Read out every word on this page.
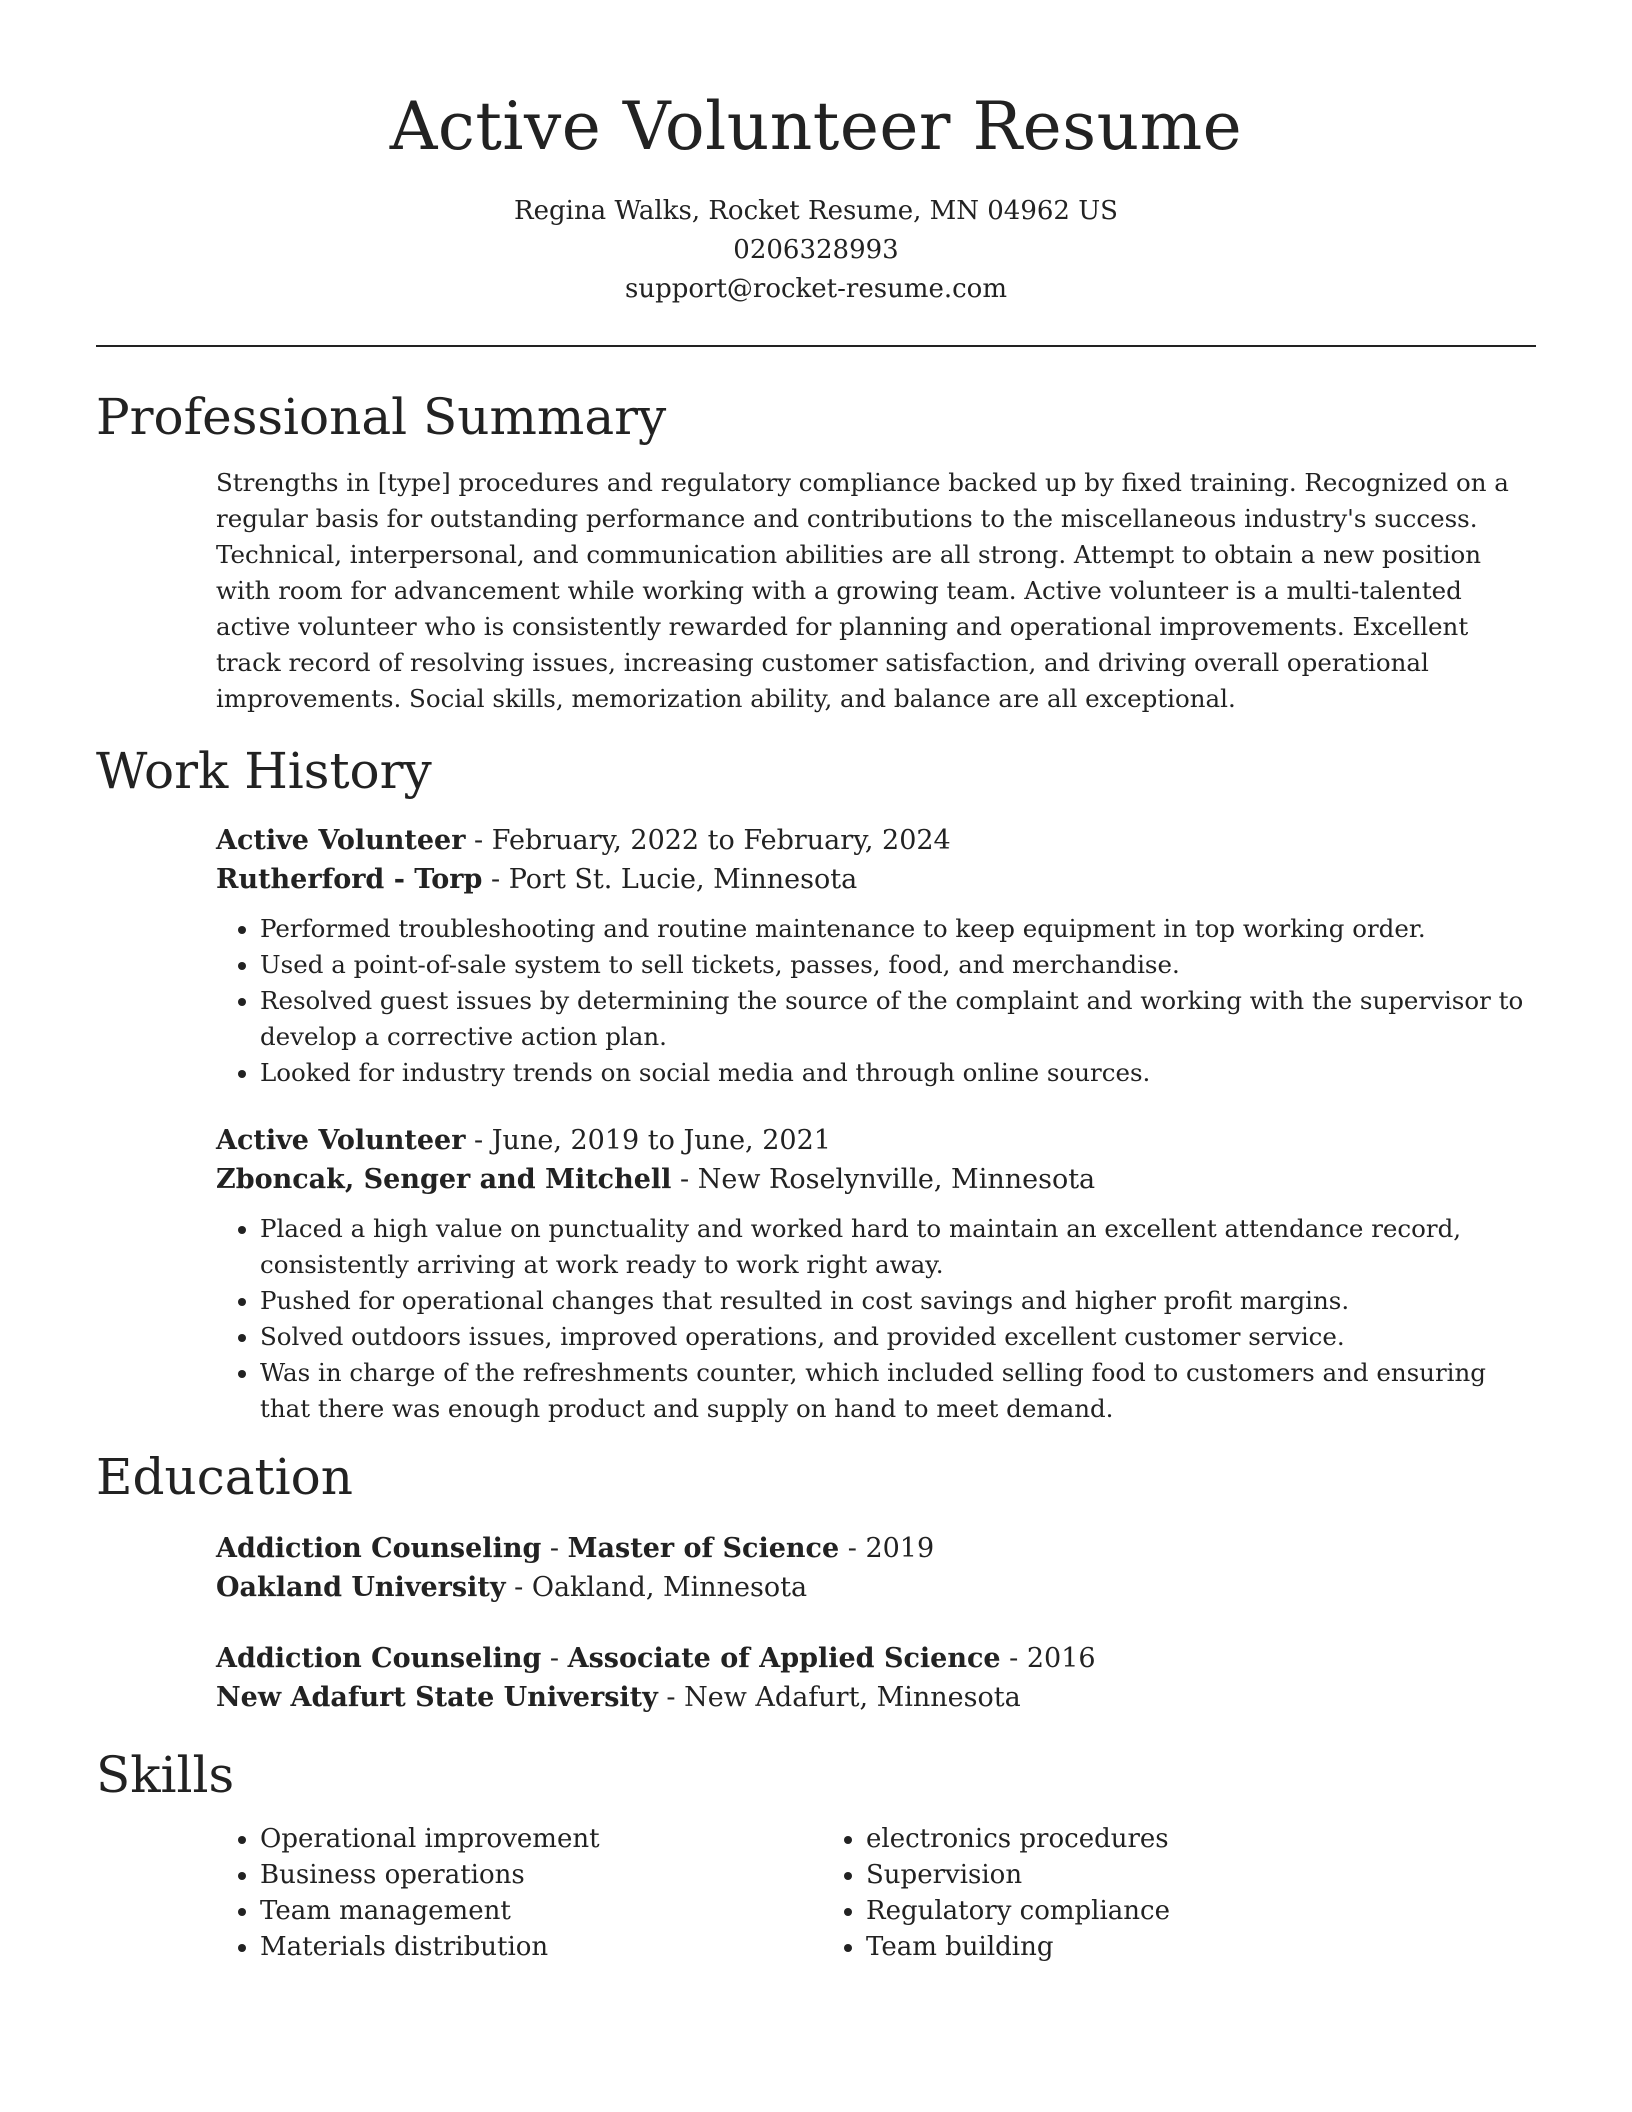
Active Volunteer Resume
Regina Walks, Rocket Resume, MN 04962 US
0206328993
support@rocket-resume.com
Professional Summary
Strengths in [type] procedures and regulatory compliance backed up by fixed training. Recognized on a regular basis for outstanding performance and contributions to the miscellaneous industry's success. Technical, interpersonal, and communication abilities are all strong. Attempt to obtain a new position with room for advancement while working with a growing team. Active volunteer is a multi-talented active volunteer who is consistently rewarded for planning and operational improvements. Excellent track record of resolving issues, increasing customer satisfaction, and driving overall operational improvements. Social skills, memorization ability, and balance are all exceptional.
Work History
Active Volunteer - February, 2022 to February, 2024
Rutherford - Torp - Port St. Lucie, Minnesota
• Performed troubleshooting and routine maintenance to keep equipment in top working order.
• Used a point-of-sale system to sell tickets, passes, food, and merchandise.
• Resolved guest issues by determining the source of the complaint and working with the supervisor to develop a corrective action plan.
• Looked for industry trends on social media and through online sources.
Active Volunteer - June, 2019 to June, 2021
Zboncak, Senger and Mitchell - New Roselynville, Minnesota
• Placed a high value on punctuality and worked hard to maintain an excellent attendance record, consistently arriving at work ready to work right away.
• Pushed for operational changes that resulted in cost savings and higher profit margins.
• Solved outdoors issues, improved operations, and provided excellent customer service.
• Was in charge of the refreshments counter, which included selling food to customers and ensuring that there was enough product and supply on hand to meet demand.
Education
Addiction Counseling - Master of Science - 2019
Oakland University - Oakland, Minnesota
Addiction Counseling - Associate of Applied Science - 2016
New Adafurt State University - New Adafurt, Minnesota
Skills
• Operational improvement
• Business operations
• Team management
• Materials distribution
• electronics procedures
• Supervision
• Regulatory compliance
• Team building
